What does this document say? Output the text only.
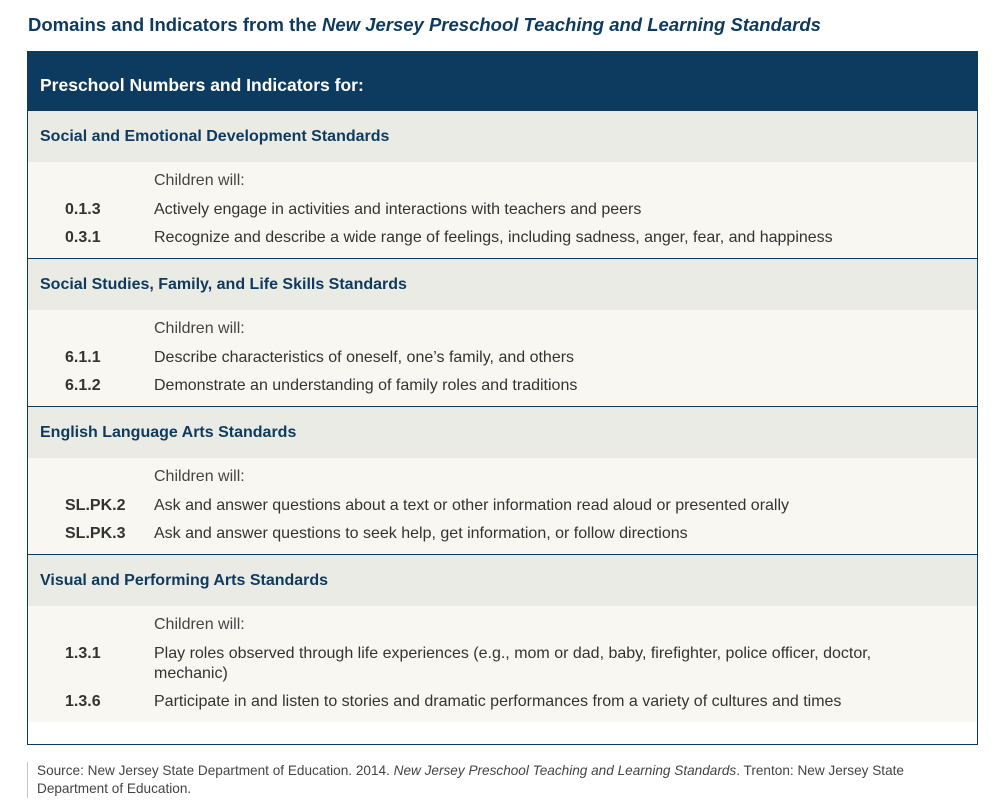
Domains and Indicators from the New Jersey Preschool Teaching and Learning Standards
Preschool Numbers and Indicators for:
Social and Emotional Development Standards
Children will:
0.1.3	Actively engage in activities and interactions with teachers and peers
0.3.1	Recognize and describe a wide range of feelings, including sadness, anger, fear, and happiness
Social Studies, Family, and Life Skills Standards
Children will:
6.1.1	Describe characteristics of oneself, one’s family, and others
6.1.2	Demonstrate an understanding of family roles and traditions
English Language Arts Standards
Children will:
SL.PK.2	Ask and answer questions about a text or other information read aloud or presented orally
SL.PK.3	Ask and answer questions to seek help, get information, or follow directions
Visual and Performing Arts Standards
Children will:
1.3.1	Play roles observed through life experiences (e.g., mom or dad, baby, firefighter, police officer, doctor, mechanic)
1.3.6	Participate in and listen to stories and dramatic performances from a variety of cultures and times
Source: New Jersey State Department of Education. 2014. New Jersey Preschool Teaching and Learning Standards. Trenton: New Jersey State Department of Education.
